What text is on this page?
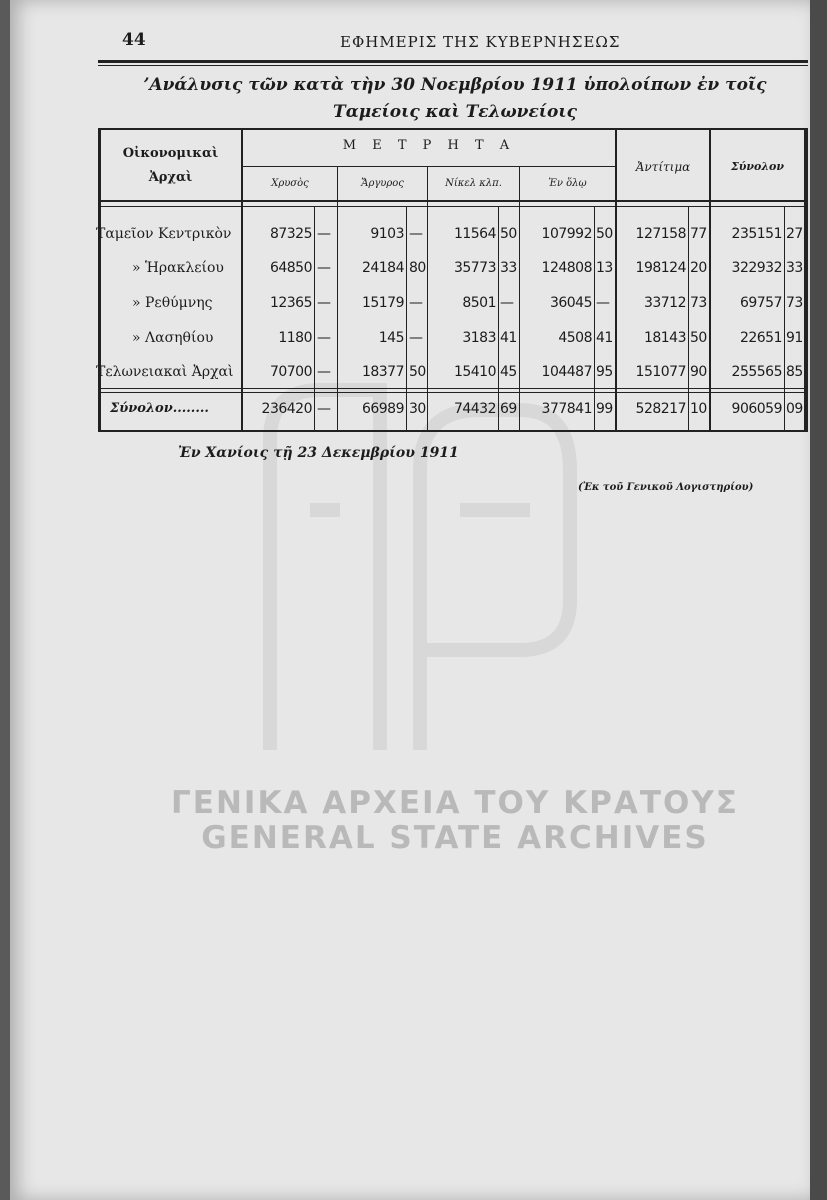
44	ΕΦΗΜΕΡΙΣ ΤΗΣ ΚΥΒΕΡΝΗΣΕΩΣ
’Ανάλυσις τῶν κατὰ τὴν 30 Νοεμβρίου 1911 ὑπολοίπων ἐν τοῖς
Ταμείοις καὶ Τελωνείοις
Οἰκονομικαὶ Ἀρχαὶ
Μ Ε Τ Ρ Η Τ Α
Χρυσὸς	Ἄργυρος	Νίκελ κλπ.	Ἐν ὅλῳ
Ἀντίτιμα	Σύνολον
Ταμεῖον Κεντρικὸν	87325 —	9103 —	11564 50	107992 50	127158 77	235151 27
» Ἡρακλείου	64850 —	24184 80	35773 33	124808 13	198124 20	322932 33
» Ρεθύμνης	12365 —	15179 —	8501 —	36045 —	33712 73	69757 73
» Λασηθίου	1180 —	145 —	3183 41	4508 41	18143 50	22651 91
Τελωνειακαὶ Ἀρχαὶ	70700 —	18377 50	15410 45	104487 95	151077 90	255565 85
Σύνολον........	236420 —	66989 30	74432 69	377841 99	528217 10	906059 09
Ἐν Χανίοις τῇ 23 Δεκεμβρίου 1911
(Ἐκ τοῦ Γενικοῦ Λογιστηρίου)
ΓΕΝΙΚΑ ΑΡΧΕΙΑ ΤΟΥ ΚΡΑΤΟΥΣ
GENERAL STATE ARCHIVES
